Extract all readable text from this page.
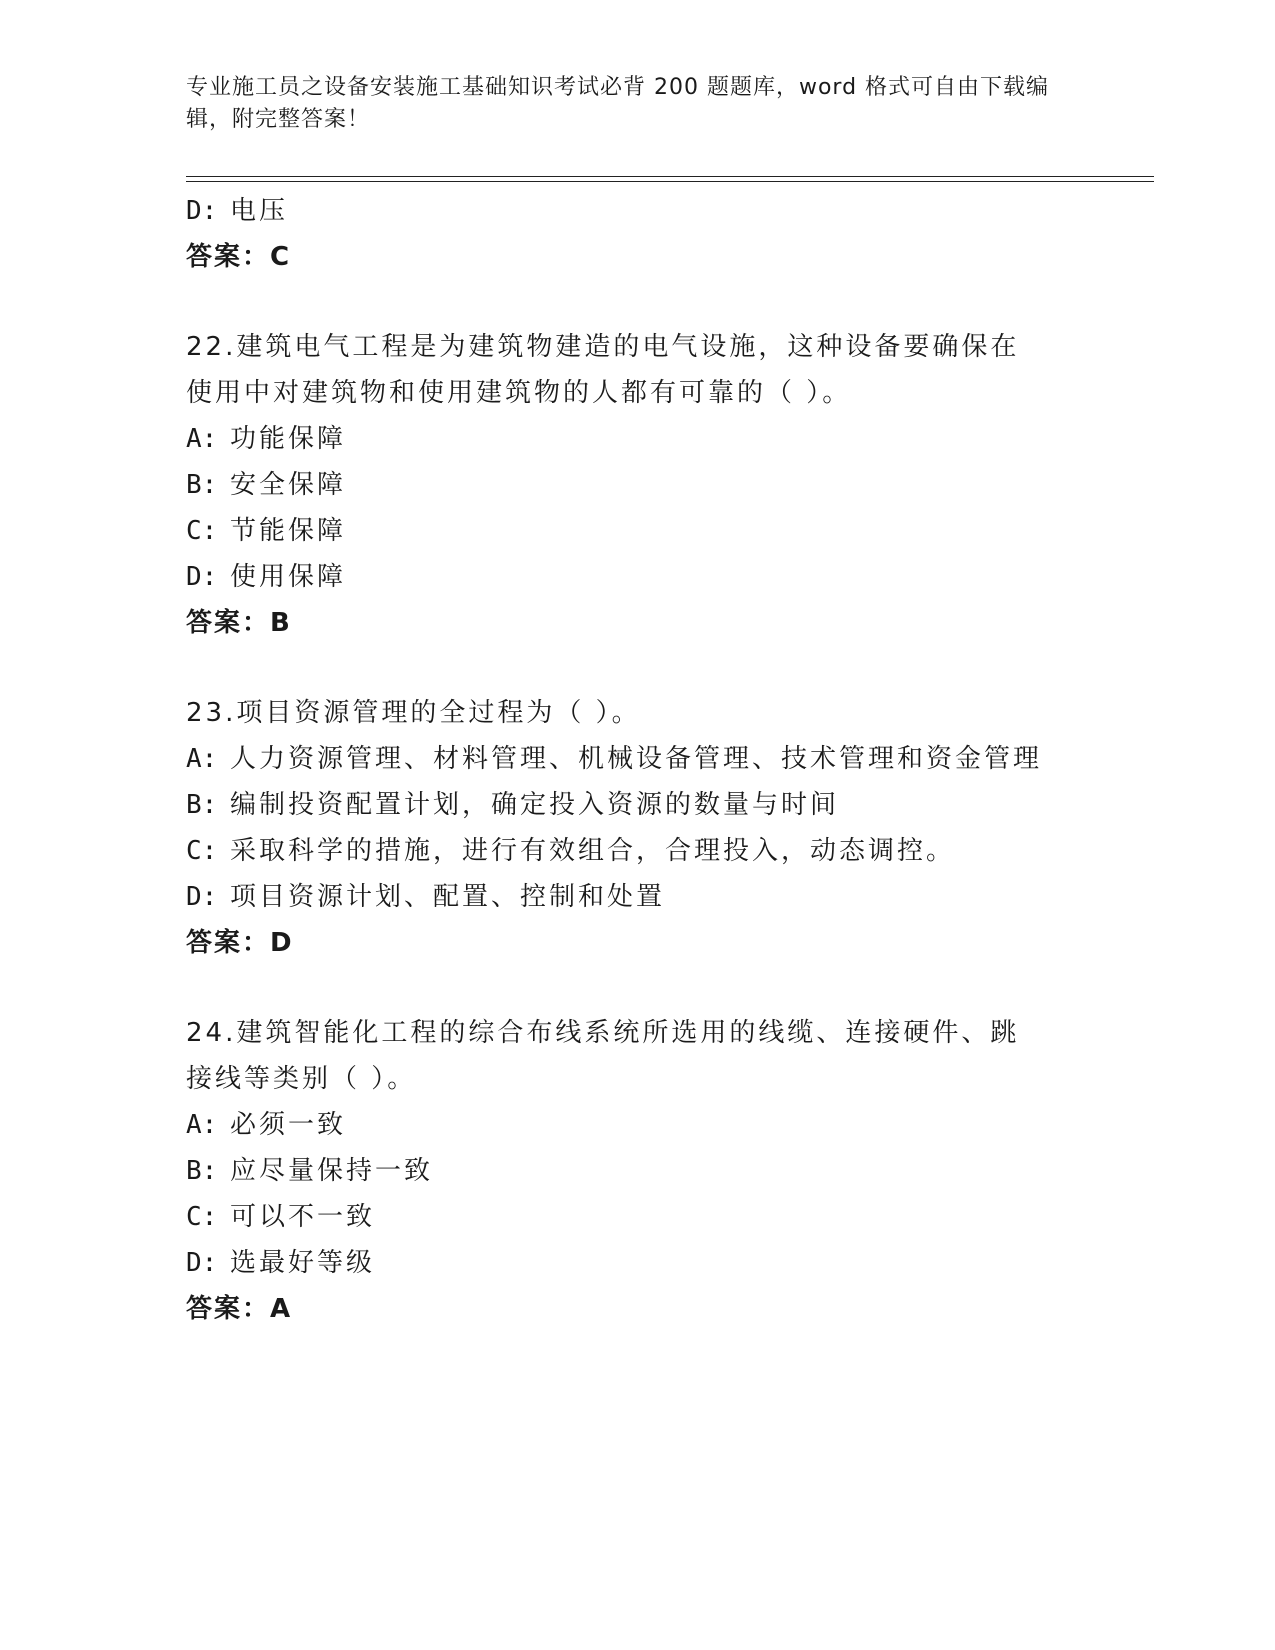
专业施工员之设备安装施工基础知识考试必背 200 题题库，word 格式可自由下载编辑，附完整答案！
D: 电压
答案：C
22.建筑电气工程是为建筑物建造的电气设施，这种设备要确保在使用中对建筑物和使用建筑物的人都有可靠的（ ）。
A: 功能保障
B: 安全保障
C: 节能保障
D: 使用保障
答案：B
23.项目资源管理的全过程为（ ）。
A: 人力资源管理、材料管理、机械设备管理、技术管理和资金管理
B: 编制投资配置计划，确定投入资源的数量与时间
C: 采取科学的措施，进行有效组合，合理投入，动态调控。
D: 项目资源计划、配置、控制和处置
答案：D
24.建筑智能化工程的综合布线系统所选用的线缆、连接硬件、跳接线等类别（ ）。
A: 必须一致
B: 应尽量保持一致
C: 可以不一致
D: 选最好等级
答案：A
